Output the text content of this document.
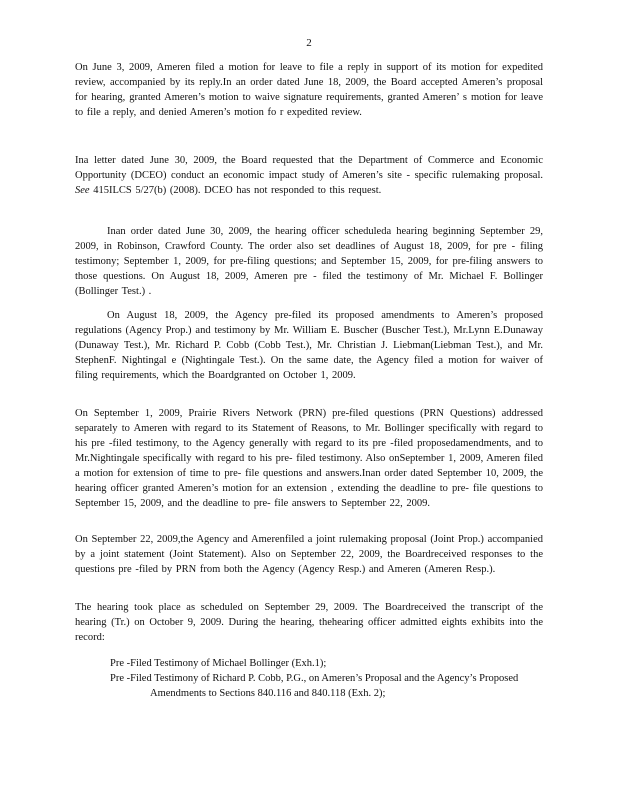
2

On June 3, 2009, Ameren filed a motion for leave to file a reply in support of its motion for expedited review, accompanied by its reply.In an order dated June 18, 2009, the Board accepted Ameren’s proposal for hearing, granted Ameren’s motion to waive signature requirements, granted Ameren’ s motion for leave to file a reply, and denied Ameren’s motion fo r expedited review.

Ina letter dated June 30, 2009, the Board requested that the Department of Commerce and Economic Opportunity (DCEO) conduct an economic impact study of Ameren’s site - specific rulemaking proposal. See 415ILCS 5/27(b) (2008). DCEO has not responded to this request.

Inan order dated June 30, 2009, the hearing officer scheduleda hearing beginning September 29, 2009, in Robinson, Crawford County. The order also set deadlines of August 18, 2009, for pre - filing testimony; September 1, 2009, for pre-filing questions; and September 15, 2009, for pre-filing answers to those questions. On August 18, 2009, Ameren pre - filed the testimony of Mr. Michael F. Bollinger (Bollinger Test.) .

On August 18, 2009, the Agency pre-filed its proposed amendments to Ameren’s proposed regulations (Agency Prop.) and testimony by Mr. William E. Buscher (Buscher Test.), Mr.Lynn E.Dunaway (Dunaway Test.), Mr. Richard P. Cobb (Cobb Test.), Mr. Christian J. Liebman(Liebman Test.), and Mr. StephenF. Nightingal e (Nightingale Test.). On the same date, the Agency filed a motion for waiver of filing requirements, which the Boardgranted on October 1, 2009.

On September 1, 2009, Prairie Rivers Network (PRN) pre-filed questions (PRN Questions) addressed separately to Ameren with regard to its Statement of Reasons, to Mr. Bollinger specifically with regard to his pre -filed testimony, to the Agency generally with regard to its pre -filed proposedamendments, and to Mr.Nightingale specifically with regard to his pre- filed testimony. Also onSeptember 1, 2009, Ameren filed a motion for extension of time to pre- file questions and answers.Inan order dated September 10, 2009, the hearing officer granted Ameren’s motion for an extension , extending the deadline to pre- file questions to September 15, 2009, and the deadline to pre- file answers to September 22, 2009.

On September 22, 2009,the Agency and Amerenfiled a joint rulemaking proposal (Joint Prop.) accompanied by a joint statement (Joint Statement). Also on September 22, 2009, the Boardreceived responses to the questions pre -filed by PRN from both the Agency (Agency Resp.) and Ameren (Ameren Resp.).

The hearing took place as scheduled on September 29, 2009. The Boardreceived the transcript of the hearing (Tr.) on October 9, 2009. During the hearing, thehearing officer admitted eights exhibits into the record:

Pre -Filed Testimony of Michael Bollinger (Exh.1);
Pre -Filed Testimony of Richard P. Cobb, P.G., on Ameren’s Proposal and the Agency’s Proposed Amendments to Sections 840.116 and 840.118 (Exh. 2);
